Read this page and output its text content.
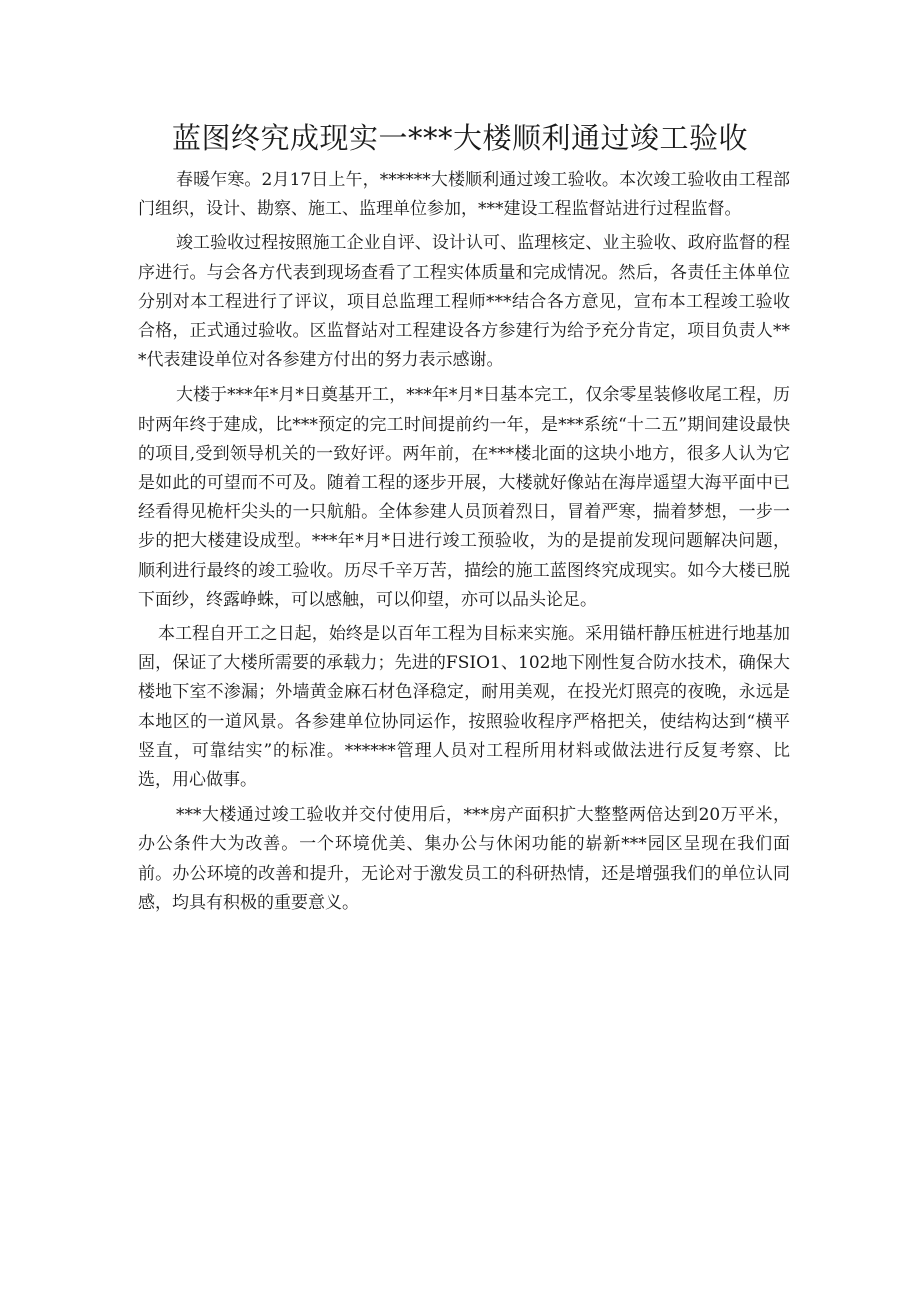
蓝图终究成现实一***大楼顺利通过竣工验收

春暖乍寒。2月17日上午，******大楼顺利通过竣工验收。本次竣工验收由工程部门组织，设计、勘察、施工、监理单位参加，***建设工程监督站进行过程监督。

竣工验收过程按照施工企业自评、设计认可、监理核定、业主验收、政府监督的程序进行。与会各方代表到现场查看了工程实体质量和完成情况。然后，各责任主体单位分别对本工程进行了评议，项目总监理工程师***结合各方意见，宣布本工程竣工验收合格，正式通过验收。区监督站对工程建设各方参建行为给予充分肯定，项目负责人***代表建设单位对各参建方付出的努力表示感谢。

大楼于***年*月*日奠基开工，***年*月*日基本完工，仅余零星装修收尾工程，历时两年终于建成，比***预定的完工时间提前约一年，是***系统“十二五”期间建设最快的项目,受到领导机关的一致好评。两年前，在***楼北面的这块小地方，很多人认为它是如此的可望而不可及。随着工程的逐步开展，大楼就好像站在海岸遥望大海平面中已经看得见桅杆尖头的一只航船。全体参建人员顶着烈日，冒着严寒，揣着梦想，一步一步的把大楼建设成型。***年*月*日进行竣工预验收，为的是提前发现问题解决问题，顺利进行最终的竣工验收。历尽千辛万苦，描绘的施工蓝图终究成现实。如今大楼已脱下面纱，终露峥蛛，可以感触，可以仰望，亦可以品头论足。

本工程自开工之日起，始终是以百年工程为目标来实施。采用锚杆静压桩进行地基加固，保证了大楼所需要的承载力；先进的FSIO1、102地下刚性复合防水技术，确保大楼地下室不渗漏；外墙黄金麻石材色泽稳定，耐用美观，在投光灯照亮的夜晚，永远是本地区的一道风景。各参建单位协同运作，按照验收程序严格把关，使结构达到“横平竖直，可靠结实”的标准。******管理人员对工程所用材料或做法进行反复考察、比选，用心做事。

***大楼通过竣工验收并交付使用后，***房产面积扩大整整两倍达到20万平米，办公条件大为改善。一个环境优美、集办公与休闲功能的崭新***园区呈现在我们面前。办公环境的改善和提升，无论对于激发员工的科研热情，还是增强我们的单位认同感，均具有积极的重要意义。
